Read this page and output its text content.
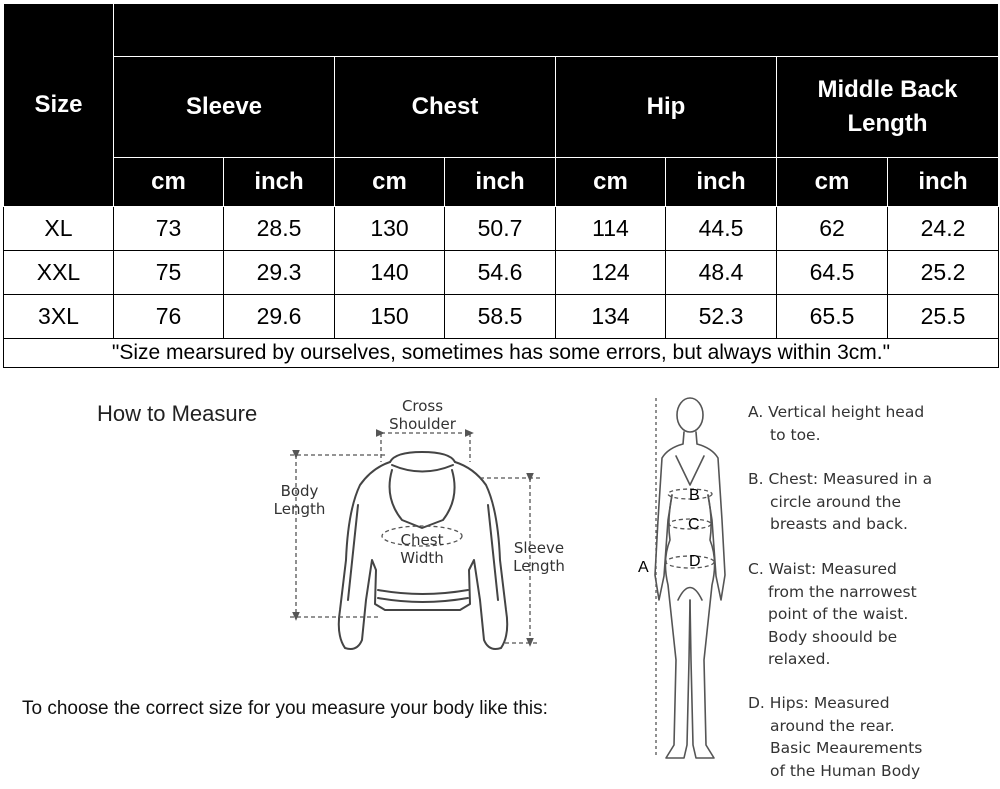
Size								
	Sleeve		Chest		Hip		Middle Back
Length	
	cm	inch	cm	inch	cm	inch	cm	inch
XL	73	28.5	130	50.7	114	44.5	62	24.2
XXL	75	29.3	140	54.6	124	48.4	64.5	25.2
3XL	76	29.6	150	58.5	134	52.3	65.5	25.5
"Size mearsured by ourselves, sometimes has some errors, but always within 3cm."								
How to Measure	Cross
Shoulder
Body
Length
Chest
Width
Sleeve
Length
To choose the correct size for you measure your body like this:
A
B
C
D
A. Vertical height head

to toe.
B. Chest: Measured in a

circle around the
breasts and back.
C. Waist: Measured

from the narrowest
point of the waist.
Body shoould be
relaxed.
D. Hips: Measured

around the rear.
Basic Meaurements
of the Human Body
